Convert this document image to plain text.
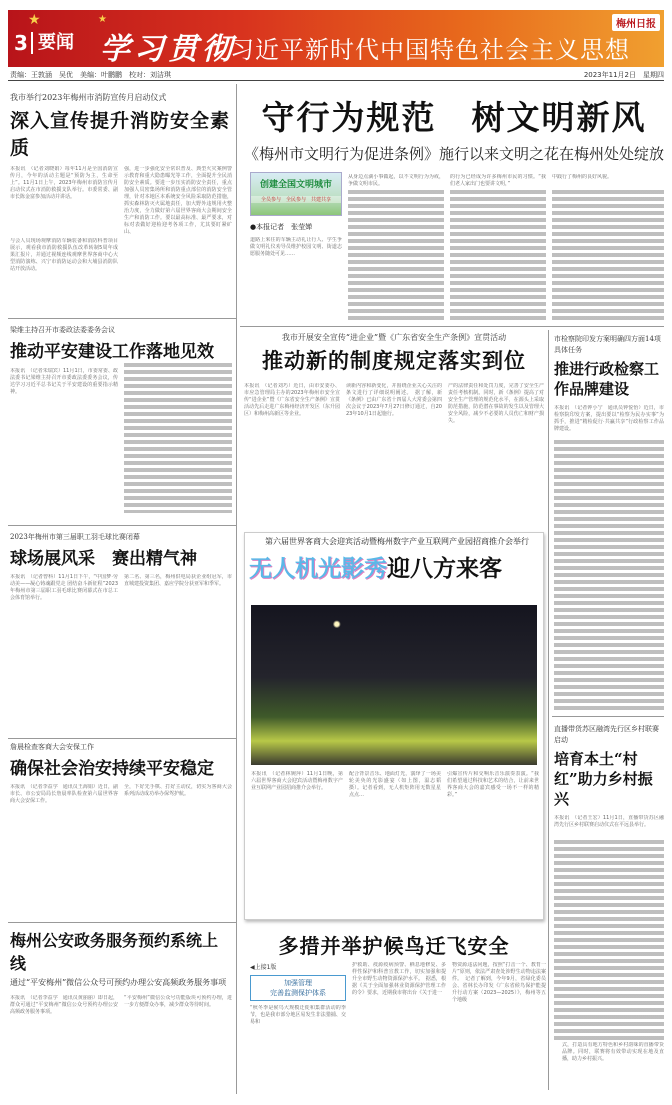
★	★
3 要闻 学习贯彻
习近平新时代中国特色社会主义思想
梅州日报
责编：王敦涵　吴优　美编：叶鹏鹏　校对：刘洁琪	2023年11月2日　星期四
我市举行2023年梅州市消防宣传月启动仪式
深入宣传提升消防安全素质
本报讯　（记者刘晓娟）每年11月是全国消防宣传月，今年的活动主题是“预防为主，生命至上”。11月1日上午，2023年梅州市消防宣传月启动仪式在市消防救援支队举行。市委常委、副市长陈金富参加活动并讲话。
与会人员现场观摩消防车辆装备和消防科普项目展示，观看我市消防救援队伍改革转制5周年成果汇报片，并通过视频连线观摩世界客商中心大型消防演练、兴宁市消防运动会和大埔县消防队站开放活动。
强，进一步强化安全常识普及、典型火灾案例警示教育和重大隐患曝光等工作，全面提升全民消防安全素质。要进一步压实消防安全责任，重点加强人员密集场所和消防重点部位的消防安全管理，针对本地区本系统安全风险采取防范措施，抓实森林防灭火属地责任，加大野外违规用火整治力度，全力做好第六届世界客商大会期间安全生产和消防工作。要以最高标准、最严要求，对标对表做好迎检迎考各项工作，尤其要盯紧矿山、
梁维主持召开市委政法委委务会议
推动平安建设工作落地见效
本报讯　（记者朱瑞宾）11月1日，市委常委、政法委书记梁维主持召开市委政法委委务会议，传达学习习近平总书记关于平安建设的重要指示精神。
2023年梅州市第三届职工羽毛球比赛闭幕
球场展风采　赛出精气神
本报讯　（记者曾科）11月1日下午，“中国梦·劳动美——凝心铸魂跟党走 团结奋斗新征程”2023年梅州市第三届职工羽毛球比赛闭幕式在市总工会体育馆举行。
第二名、第三名，梅州供电局获企业组冠军，市直城建投资集团、嘉应学院分获亚军和季军。
詹晨检查客商大会安保工作
确保社会治安持续平安稳定
本报讯　（记者李益学　通讯员王海娟）近日，副市长、市公安局局长詹晨率队检查第六届世界客商大会安保工作。
全，下好先手棋、打好主动仗，切实为客商大会系列活动成功举办保驾护航。
梅州公安政务服务预约系统上线
通过“平安梅州”微信公众号可预约办理公安高频政务服务事项
本报讯　（记者李益学　通讯员黄丽丽）即日起，群众可通过“平安梅州”微信公众号预约办理公安高频政务服务事项。
“平安梅州”微信公众号功能版块可预约办理，进一步方便群众办事，减少群众等待时间。
守行为规范　树文明新风
《梅州市文明行为促进条例》施行以来文明之花在梅州处处绽放
创建全国文明城市
全员参与　全民参与　共建共享
●本报记者　张莹婵
道路上來往的车辆主动礼让行人、学生争做文明礼仪劝导员维护校园文明、街道志愿服务随处可见……
从身边点滴小事做起，以不文明行为为戒，争做文明市民。
的行为已经成为许多梅州市民的习惯。“我们老人家出门也要讲文明，”
中践行了梅州的良好风貌。
我市开展安全宣传“进企业”暨《广东省安全生产条例》宣贯活动
推动新的制度规定落实到位
本报讯　（记者刘巧）近日，由市安委办、市应急管理局主办的2023年梅州市安全宣传“进企业”暨《广东省安全生产条例》宣贯活动先后走进广东梅州经济开发区（东升园区）和梅州高新区等企业。
读新内容和新变化，并围绕企业关心关注的条文进行了详细说明阐述。　据了解，新《条例》已由广东省十四届人大常委会第四次会议于2023年7月27日修订通过，自2023年10月1日起施行。
产的法律责任和处罚力度，完善了安全生产责任考核机制。同时，新《条例》提高了对安全生产管理的规范化水平，在源头上采取防范措施，防范潜在事故的发生以及管理大安全风险，减少不必要的人员伤亡和财产损失。
市检察院印发方案明确四方面14项具体任务
推进行政检察工作品牌建设
本报讯　（记者钟小宁　通讯员钟悦怡）近日，市检察院印发方案，提出要以“检察为民办实事”为抓手，推进“精检促行·共赢共享”行政检察工作品牌建设。
直播带货苏区融湾先行区乡村联赛启动
培育本土“村红”助力乡村振兴
本报讯　（记者王宏）11月1日，直播带货苏区融湾先行区乡村联赛启动仪式在平远县举行。
式，打造具有地方特色和乡村韵味的直播带货品牌。同时，联赛将有效带动实现在地及直播，助力乡村振兴。
第六届世界客商大会迎宾活动暨梅州数字产业互联网产业园招商推介会举行
无人机光影秀迎八方来客
本报讯　（记者林婉萍）11月1日晚，第六届世界客商大会迎宾活动暨梅州数字产业互联网产业园招商推介会举行。
配合背景音乐、地面灯光，演绎了一场美轮美奂的光影盛宴（如上图，温志韬摄）。记者看到，无人机矩阵用无数星星点点…
引爆宣传片和交响乐音乐演奏表演。“我们希望通过科技和艺术的结合，让前来世界客商大会的嘉宾感受一场不一样的精彩。”
多措并举护候鸟迁飞安全
◀上接1版
加强管理
完善监测保护体系
“秋冬季是候鸟大规模迁徙和集群活动的季节，也是我市部分地区易发生非法猎捕、交易和
护救助、疫源疫病预警、栖息地修复、多样性保护和科普宣教工作，切实加强和提升全市野生动物资源保护水平。　据悉，根据《关于全面加强林业资源保护管理工作的令》要求，近期我市将出台《关于进一
物资源违法问题，按照“打击一个、教育一片”原则，依法严肃查处涉野生动物违法案件。　记者了解到，今年9月，省绿化委员会、省林长办印发《广东省候鸟保护能提升行动方案（2023—2025）》，梅州等五个地级
